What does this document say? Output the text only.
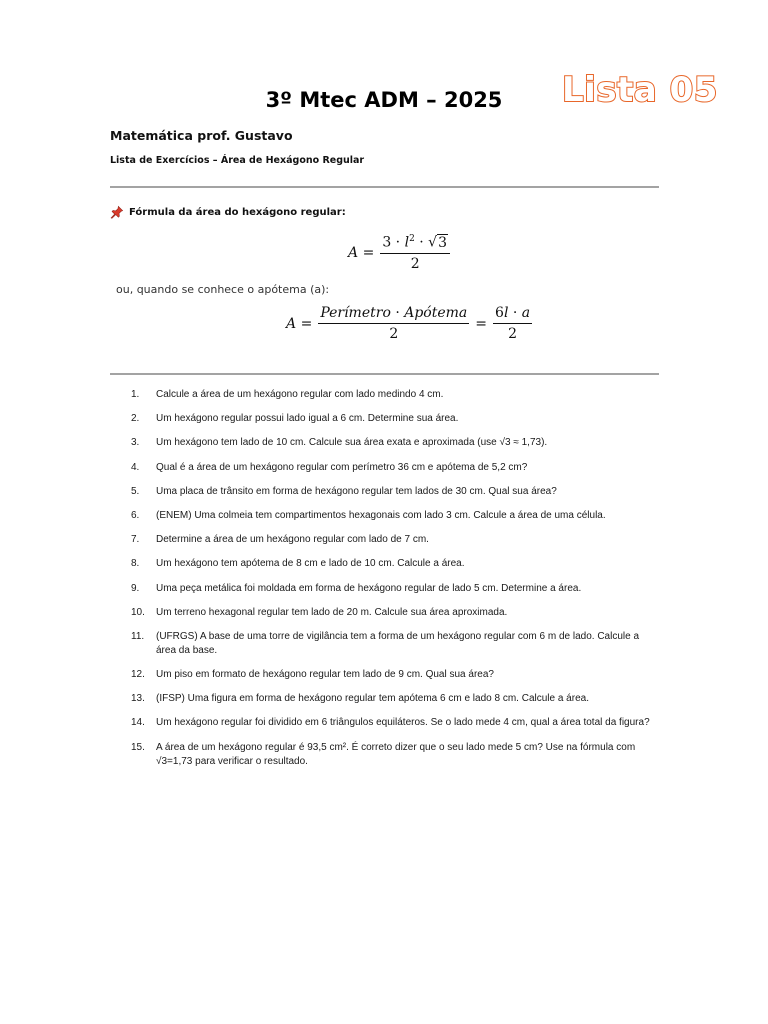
3º Mtec ADM – 2025	Lista 05
Matemática prof. Gustavo
Lista de Exercícios – Área de Hexágono Regular
Fórmula da área do hexágono regular:
$A = \frac{3 \cdot l^2 \cdot √3}{2}$
ou, quando se conhece o apótema (a):
$A = \frac{\text{Perímetro · Apótema}}{2} = \frac{6l \cdot a}{2}$
1. Calcule a área de um hexágono regular com lado medindo 4 cm.
2. Um hexágono regular possui lado igual a 6 cm. Determine sua área.
3. Um hexágono tem lado de 10 cm. Calcule sua área exata e aproximada (use √3 ≈ 1,73).
4. Qual é a área de um hexágono regular com perímetro 36 cm e apótema de 5,2 cm?
5. Uma placa de trânsito em forma de hexágono regular tem lados de 30 cm. Qual sua área?
6. (ENEM) Uma colmeia tem compartimentos hexagonais com lado 3 cm. Calcule a área de uma célula.
7. Determine a área de um hexágono regular com lado de 7 cm.
8. Um hexágono tem apótema de 8 cm e lado de 10 cm. Calcule a área.
9. Uma peça metálica foi moldada em forma de hexágono regular de lado 5 cm. Determine a área.
10. Um terreno hexagonal regular tem lado de 20 m. Calcule sua área aproximada.
11. (UFRGS) A base de uma torre de vigilância tem a forma de um hexágono regular com 6 m de lado. Calcule a área da base.
12. Um piso em formato de hexágono regular tem lado de 9 cm. Qual sua área?
13. (IFSP) Uma figura em forma de hexágono regular tem apótema 6 cm e lado 8 cm. Calcule a área.
14. Um hexágono regular foi dividido em 6 triângulos equiláteros. Se o lado mede 4 cm, qual a área total da figura?
15. A área de um hexágono regular é 93,5 cm². É correto dizer que o seu lado mede 5 cm? Use na fórmula com √3=1,73 para verificar o resultado.
